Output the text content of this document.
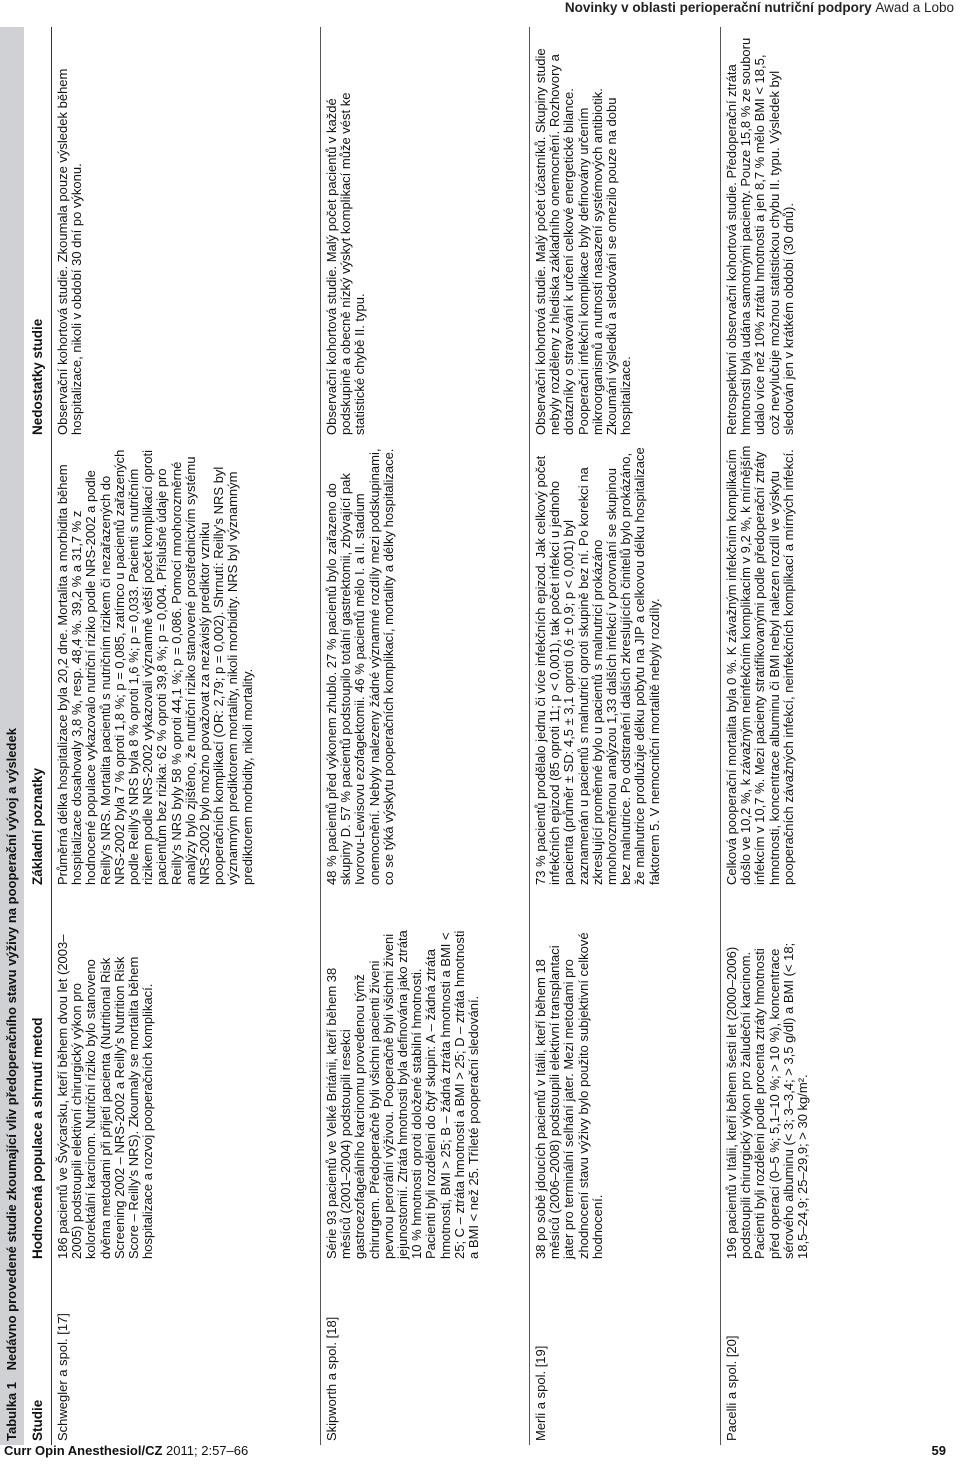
Novinky v oblasti perioperační nutriční podpory Awad a Lobo
Tabulka 1 Nedávno provedené studie zkoumající vliv předoperačního stavu výživy na pooperační vývoj a výsledek
Studie
Hodnocená populace a shrnutí metod
Základní poznatky
Nedostatky studie
Schwegler a spol. [17]
186 pacientů ve Švýcarsku, kteří během dvou let (2003–2005) podstoupili elektivní chirurgický výkon pro kolorektální karcinom. Nutriční riziko bylo stanoveno dvěma metodami při přijetí pacienta (Nutritional Risk Screening 2002 – NRS-2002 a Reilly's Nutrition Risk Score – Reilly's NRS). Zkoumaly se mortalita během hospitalizace a rozvoj pooperačních komplikací.
Průměrná délka hospitalizace byla 20,2 dne. Mortalita a morbidita během hospitalizace dosahovaly 3,8 %, resp. 48,4 %. 39,2 % a 31,7 % z hodnocené populace vykazovalo nutriční riziko podle NRS-2002 a podle Reilly's NRS. Mortalita pacientů s nutričním rizikem či nezařazených do NRS-2002 byla 7 % oproti 1,8 %; p = 0,085, zatímco u pacientů zařazených podle Reilly's NRS byla 8 % oproti 1,6 %; p = 0,033. Pacienti s nutričním rizikem podle NRS-2002 vykazovali významně větší počet komplikací oproti pacientům bez rizika: 62 % oproti 39,8 %; p = 0,004. Příslušné údaje pro Reilly's NRS byly 58 % oproti 44,1 %; p = 0,086. Pomocí mnohorozměrné analýzy bylo zjištěno, že nutriční riziko stanovené prostřednictvím systému NRS-2002 bylo možno považovat za nezávislý prediktor vzniku pooperačních komplikací (OR: 2,79; p = 0,002). Shrnutí: Reilly's NRS byl významným prediktorem mortality, nikoli morbidity. NRS byl významným prediktorem morbidity, nikoli mortality.
Observační kohortová studie. Zkoumala pouze výsledek během hospitalizace, nikoli v období 30 dní po výkonu.
Skipworth a spol. [18]
Série 93 pacientů ve Velké Británii, kteří během 38 měsíců (2001–2004) podstoupili resekci gastroezofageálního karcinomu provedenou týmž chirurgem. Předoperačně byli všichni pacienti živeni pevnou perorální výživou. Pooperačně byli všichni živeni jejunostomií. Ztráta hmotnosti byla definována jako ztráta 10 % hmotnosti oproti doložené stabilní hmotnosti. Pacienti byli rozděleni do čtyř skupin: A – žádná ztráta hmotnosti, BMI > 25; B – žádná ztráta hmotnosti a BMI < 25; C – ztráta hmotnosti a BMI > 25; D – ztráta hmotnosti a BMI < než 25. Tříleté pooperační sledování.
48 % pacientů před výkonem zhublo. 27 % pacientů bylo zařazeno do skupiny D. 57 % pacientů podstoupilo totální gastrektomii, zbývající pak Ivorovu-Lewisovu ezofagektomii. 46 % pacientů mělo I. a II. stadium onemocnění. Nebyly nalezeny žádné významné rozdíly mezi podskupinami, co se týká výskytu pooperačních komplikací, mortality a délky hospitalizace.
Observační kohortová studie. Malý počet pacientů v každé podskupině a obecně nízký výskyt komplikací může vést ke statistické chybě II. typu.
Merli a spol. [19]
38 po sobě jdoucích pacientů v Itálii, kteří během 18 měsíců (2006–2008) podstoupili elektivní transplantaci jater pro terminální selhání jater. Mezi metodami pro zhodnocení stavu výživy bylo použito subjektivní celkové hodnocení.
73 % pacientů prodělalo jednu či více infekčních epizod. Jak celkový počet infekčních epizod (85 oproti 11; p < 0,001), tak počet infekcí u jednoho pacienta (průměr ± SD: 4,5 ± 3,1 oproti 0,6 ± 0,9; p < 0,001) byl zaznamenán u pacientů s malnutricí oproti skupině bez ní. Po korekci na zkreslující proměnné bylo u pacientů s malnutricí prokázáno mnohorozměrnou analýzou 1,33 dalších infekcí v porovnání se skupinou bez malnutrice. Po odstranění dalších zkreslujících činitelů bylo prokázáno, že malnutrice prodlužuje délku pobytu na JIP a celkovou délku hospitalizace faktorem 5. V nemocniční mortalitě nebyly rozdíly.
Observační kohortová studie. Malý počet účastníků. Skupiny studie nebyly rozděleny z hlediska základního onemocnění. Rozhovory a dotazníky o stravování k určení celkové energetické bilance. Pooperační infekční komplikace byly definovány určením mikroorganismů a nutností nasazení systémových antibiotik. Zkoumání výsledků a sledování se omezilo pouze na dobu hospitalizace.
Pacelli a spol. [20]
196 pacientů v Itálii, kteří během šesti let (2000–2006) podstoupili chirurgický výkon pro žaludeční karcinom. Pacienti byli rozděleni podle procenta ztráty hmotnosti před operací (0–5 %; 5,1–10 %; > 10 %), koncentrace sérového albuminu (< 3; 3–3,4; > 3,5 g/dl) a BMI (< 18; 18,5–24,9; 25–29,9; > 30 kg/m².
Celková pooperační mortalita byla 0 %. K závažným infekčním komplikacím došlo ve 10,2 %, k závažným neinfekčním komplikacím v 9,2 %, k mírnějším infekcím v 10,7 %. Mezi pacienty stratifikovanými podle předoperační ztráty hmotnosti, koncentrace albuminu či BMI nebyl nalezen rozdíl ve výskytu pooperačních závažných infekcí, neinfekčních komplikací a mírných infekcí.
Retrospektivní observační kohortová studie. Předoperační ztráta hmotnosti byla udána samotnými pacienty. Pouze 15,8 % ze souboru udalo více než 10% ztrátu hmotnosti a jen 8,7 % mělo BMI < 18,5, což nevylučuje možnou statistickou chybu II. typu. Výsledek byl sledován jen v krátkém období (30 dnů).
Curr Opin Anesthesiol/CZ 2011; 2:57–66	59
